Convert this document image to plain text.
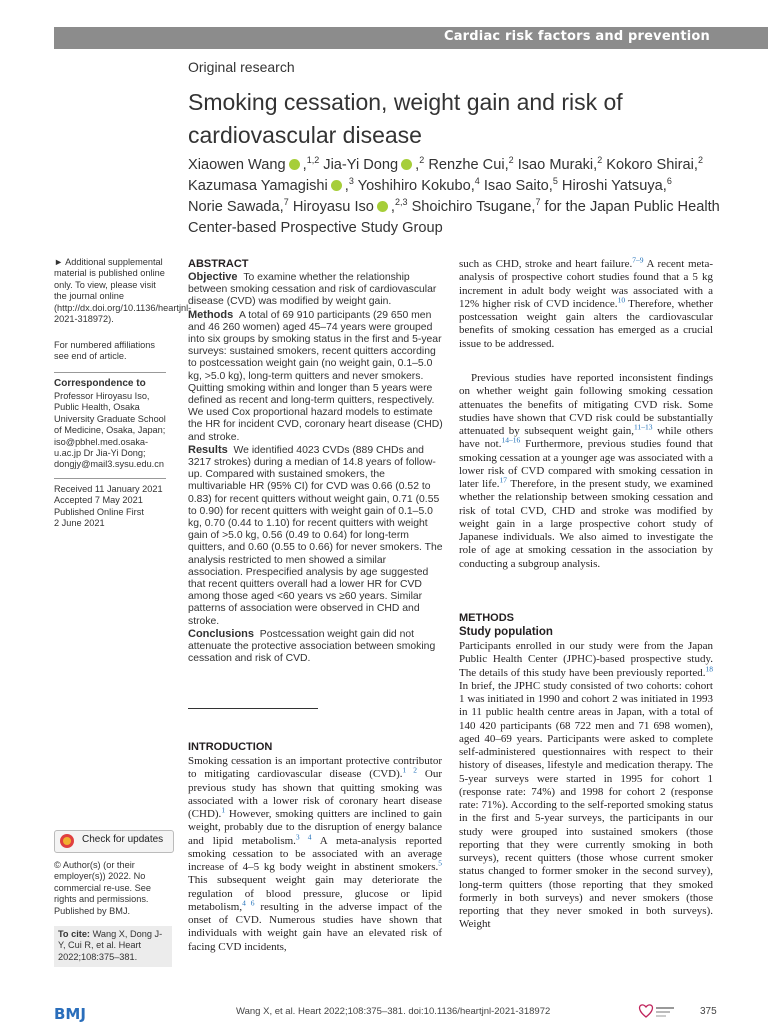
Cardiac risk factors and prevention
Original research
Smoking cessation, weight gain and risk of cardiovascular disease
Xiaowen Wang ,$^{1,2}$ Jia-Yi Dong ,$^2$ Renzhe Cui,$^2$ Isao Muraki,$^2$ Kokoro Shirai,$^2$
Kazumasa Yamagishi ,$^3$ Yoshihiro Kokubo,$^4$ Isao Saito,$^5$ Hiroshi Yatsuya,$^6$
Norie Sawada,$^7$ Hiroyasu Iso ,$^{2,3}$ Shoichiro Tsugane,$^7$ for the Japan Public Health
Center-based Prospective Study Group
► Additional supplemental material is published online only. To view, please visit the journal online (http://dx.doi.org/10.1136/heartjnl-2021-318972).
For numbered affiliations see end of article.
Correspondence to
Professor Hiroyasu Iso, Public Health, Osaka University Graduate School of Medicine, Osaka, Japan; iso@pbhel.med.osaka-u.ac.jp Dr Jia-Yi Dong; dongjy@mail3.sysu.edu.cn
Received 11 January 2021
Accepted 7 May 2021
Published Online First
2 June 2021
Check for updates
© Author(s) (or their employer(s)) 2022. No commercial re-use. See rights and permissions. Published by BMJ.
To cite: Wang X, Dong J-Y, Cui R, et al. Heart 2022;108:375–381.
ABSTRACT
Objective To examine whether the relationship between smoking cessation and risk of cardiovascular disease (CVD) was modified by weight gain.
Methods A total of 69 910 participants (29 650 men and 46 260 women) aged 45–74 years were grouped into six groups by smoking status in the first and 5-year surveys: sustained smokers, recent quitters according to postcessation weight gain (no weight gain, 0.1–5.0 kg, >5.0 kg), long-term quitters and never smokers. Quitting smoking within and longer than 5 years were defined as recent and long-term quitters, respectively. We used Cox proportional hazard models to estimate the HR for incident CVD, coronary heart disease (CHD) and stroke.
Results We identified 4023 CVDs (889 CHDs and 3217 strokes) during a median of 14.8 years of follow-up. Compared with sustained smokers, the multivariable HR (95% CI) for CVD was 0.66 (0.52 to 0.83) for recent quitters without weight gain, 0.71 (0.55 to 0.90) for recent quitters with weight gain of 0.1–5.0 kg, 0.70 (0.44 to 1.10) for recent quitters with weight gain of >5.0 kg, 0.56 (0.49 to 0.64) for long-term quitters, and 0.60 (0.55 to 0.66) for never smokers. The analysis restricted to men showed a similar association. Prespecified analysis by age suggested that recent quitters overall had a lower HR for CVD among those aged <60 years vs ≥60 years. Similar patterns of association were observed in CHD and stroke.
Conclusions Postcessation weight gain did not attenuate the protective association between smoking cessation and risk of CVD.
INTRODUCTION
Smoking cessation is an important protective contributor to mitigating cardiovascular disease (CVD).$^{1 2}$ Our previous study has shown that quitting smoking was associated with a lower risk of coronary heart disease (CHD).$^1$ However, smoking quitters are inclined to gain weight, probably due to the disruption of energy balance and lipid metabolism.$^{3 4}$ A meta-analysis reported smoking cessation to be associated with an average increase of 4–5 kg body weight in abstinent smokers.$^5$ This subsequent weight gain may deteriorate the regulation of blood pressure, glucose or lipid metabolism,$^{4 6}$ resulting in the adverse impact of the onset of CVD. Numerous studies have shown that individuals with weight gain have an elevated risk of facing CVD incidents,
such as CHD, stroke and heart failure.$^{7-9}$ A recent meta-analysis of prospective cohort studies found that a 5 kg increment in adult body weight was associated with a 12% higher risk of CVD incidence.$^{10}$ Therefore, whether postcessation weight gain alters the cardiovascular benefits of smoking cessation has emerged as a crucial issue to be addressed.
Previous studies have reported inconsistent findings on whether weight gain following smoking cessation attenuates the benefits of mitigating CVD risk. Some studies have shown that CVD risk could be substantially attenuated by subsequent weight gain,$^{11-13}$ while others have not.$^{14-16}$ Furthermore, previous studies found that smoking cessation at a younger age was associated with a lower risk of CVD compared with smoking cessation in later life.$^{17}$ Therefore, in the present study, we examined whether the relationship between smoking cessation and risk of total CVD, CHD and stroke was modified by weight gain in a large prospective cohort study of Japanese individuals. We also aimed to investigate the role of age at smoking cessation in the association by conducting a subgroup analysis.
METHODS
Study population
Participants enrolled in our study were from the Japan Public Health Center (JPHC)-based prospective study. The details of this study have been previously reported.$^{18}$ In brief, the JPHC study consisted of two cohorts: cohort 1 was initiated in 1990 and cohort 2 was initiated in 1993 in 11 public health centre areas in Japan, with a total of 140 420 participants (68 722 men and 71 698 women), aged 40–69 years. Participants were asked to complete self-administered questionnaires with respect to their history of diseases, lifestyle and medication therapy. The 5-year surveys were started in 1995 for cohort 1 (response rate: 74%) and 1998 for cohort 2 (response rate: 71%). According to the self-reported smoking status in the first and 5-year surveys, the participants in our study were grouped into sustained smokers (those reporting that they were currently smoking in both surveys), recent quitters (those whose current smoker status changed to former smoker in the second survey), long-term quitters (those reporting that they smoked formerly in both surveys) and never smokers (those reporting that they never smoked in both surveys). Weight
BMJ	Wang X, et al. Heart 2022;108:375–381. doi:10.1136/heartjnl-2021-318972	375
